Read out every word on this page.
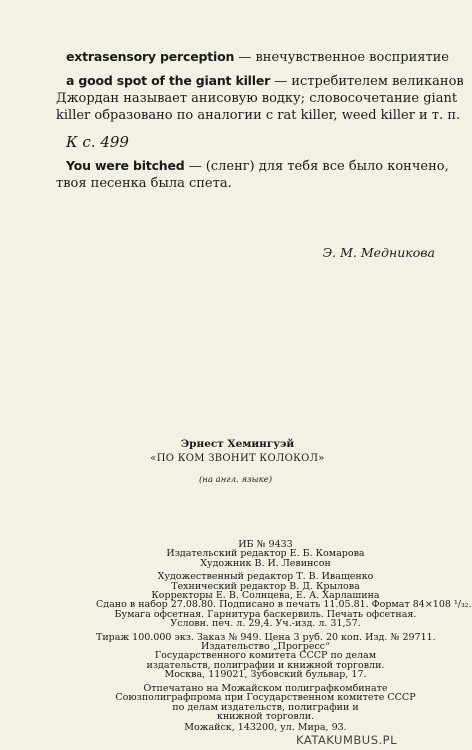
extrasensory perception — внечувственное восприятие

a good spot of the giant killer — истребителем великанов
Джордан называет анисовую водку; словосочетание giant
killer образовано по аналогии с rat killer, weed killer и т. п.

К с. 499

You were bitched — (сленг) для тебя все было кончено,
твоя песенка была спета.

Э. М. Медникова
Эрнест Хемингуэй
«ПО КОМ ЗВОНИТ КОЛОКОЛ»
(на англ. языке)
ИБ № 9433
Издательский редактор Е. Б. Комарова
Художник В. И. Левинсон
Художественный редактор Т. В. Иващенко
Технический редактор В. Д. Крылова
Корректоры Е. В. Солнцева, Е. А. Харлашина
Сдано в набор 27.08.80. Подписано в печать 11.05.81. Формат 84×108 ¹/₃₂.
Бумага офсетная. Гарнитура баскервиль. Печать офсетная.
Условн. печ. л. 29,4. Уч.-изд. л. 31,57.
Тираж 100.000 экз. Заказ № 949. Цена 3 руб. 20 коп. Изд. № 29711.
Издательство „Прогресс“
Государственного комитета СССР по делам
издательств, полиграфии и книжной торговли.
Москва, 119021, Зубовский бульвар, 17.
Отпечатано на Можайском полиграфкомбинате
Союзполиграфпрома при Государственном комитете СССР
по делам издательств, полиграфии и
книжной торговли.
Можайск, 143200, ул. Мира, 93.
KATAKUMBUS.PL
